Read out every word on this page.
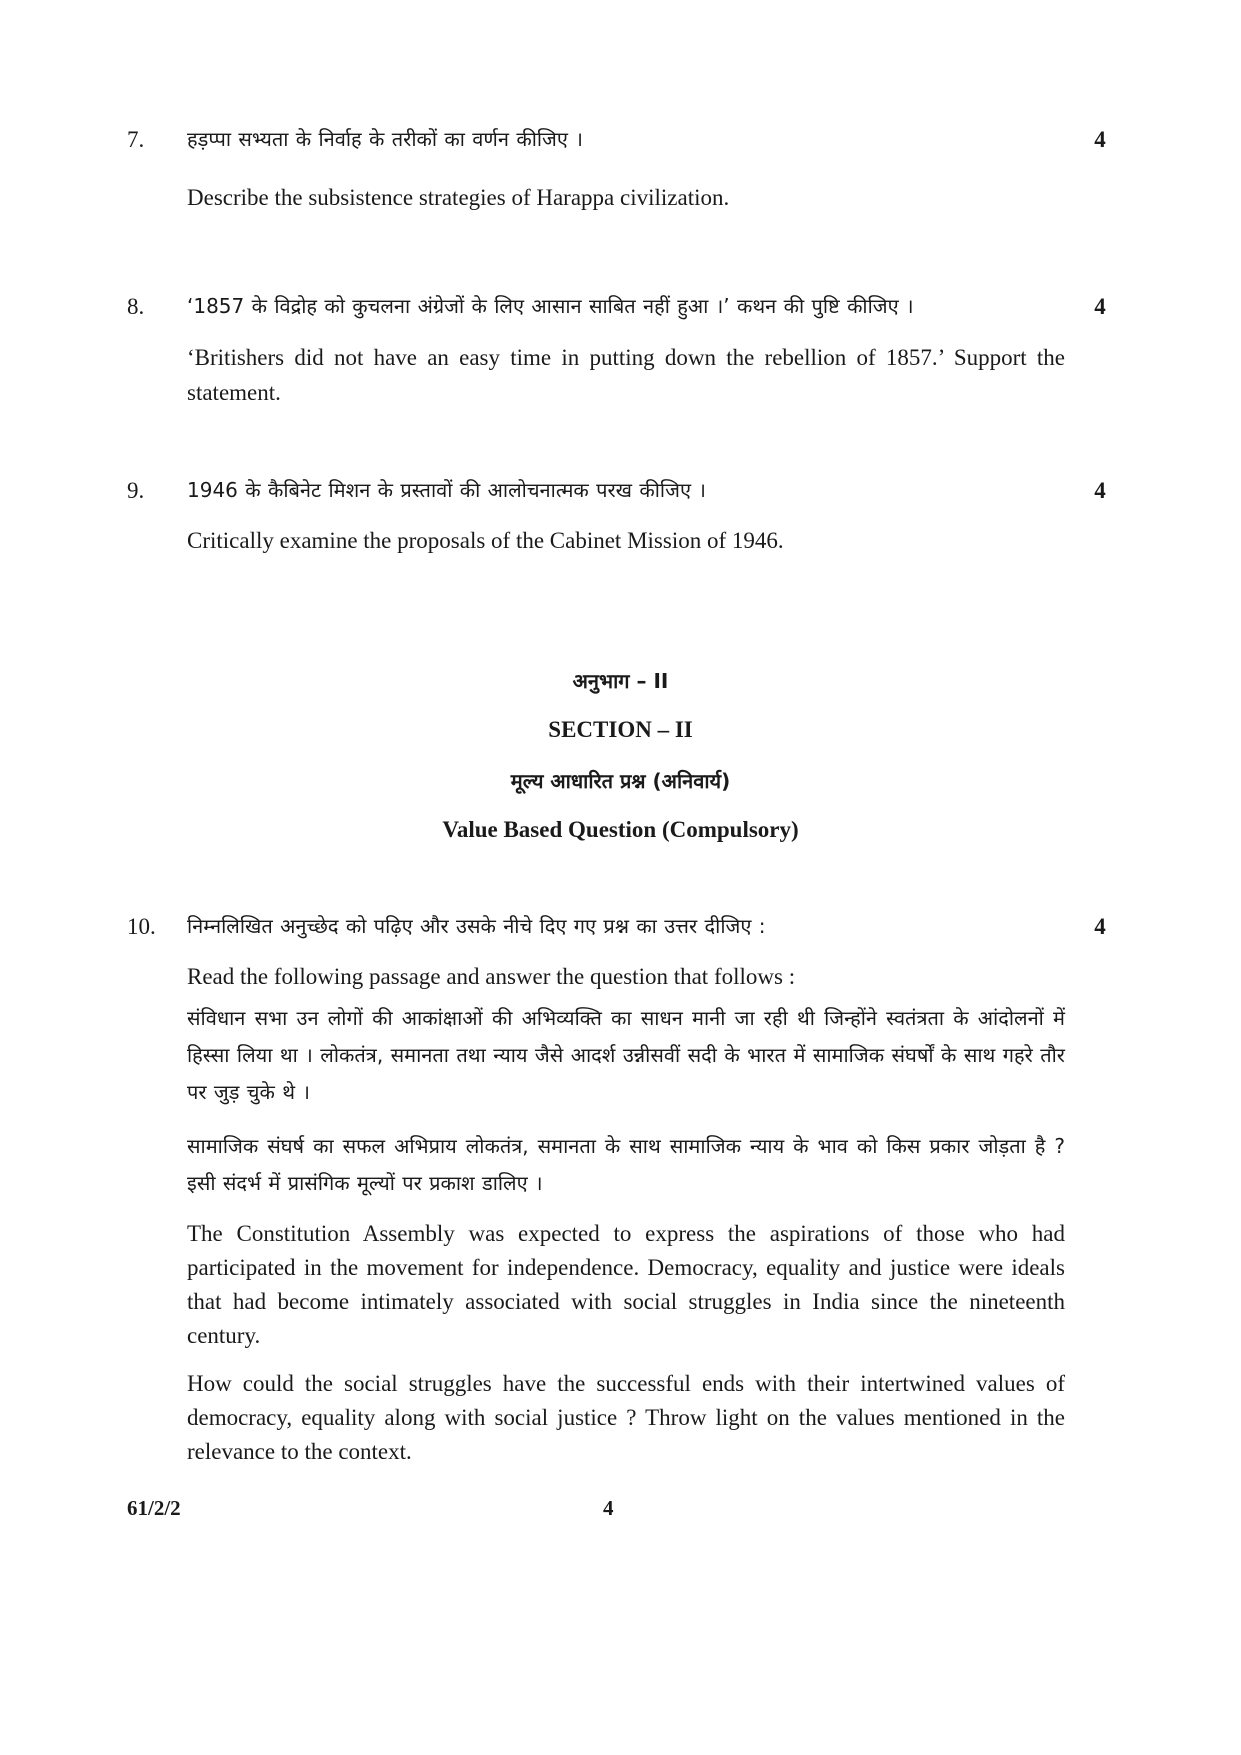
7.	4
हड़प्पा सभ्यता के निर्वाह के तरीकों का वर्णन कीजिए ।
Describe the subsistence strategies of Harappa civilization.
8.	4
‘1857 के विद्रोह को कुचलना अंग्रेजों के लिए आसान साबित नहीं हुआ ।’ कथन की पुष्टि कीजिए ।
‘Britishers did not have an easy time in putting down the rebellion of 1857.’ Support the statement.
9.	4
1946 के कैबिनेट मिशन के प्रस्तावों की आलोचनात्मक परख कीजिए ।
Critically examine the proposals of the Cabinet Mission of 1946.
अनुभाग – II
SECTION – II
मूल्य आधारित प्रश्न (अनिवार्य)
Value Based Question (Compulsory)
10.	4
निम्नलिखित अनुच्छेद को पढ़िए और उसके नीचे दिए गए प्रश्न का उत्तर दीजिए :
Read the following passage and answer the question that follows :
संविधान सभा उन लोगों की आकांक्षाओं की अभिव्यक्ति का साधन मानी जा रही थी जिन्होंने स्वतंत्रता के आंदोलनों में हिस्सा लिया था । लोकतंत्र, समानता तथा न्याय जैसे आदर्श उन्नीसवीं सदी के भारत में सामाजिक संघर्षों के साथ गहरे तौर पर जुड़ चुके थे ।
सामाजिक संघर्ष का सफल अभिप्राय लोकतंत्र, समानता के साथ सामाजिक न्याय के भाव को किस प्रकार जोड़ता है ? इसी संदर्भ में प्रासंगिक मूल्यों पर प्रकाश डालिए ।
The Constitution Assembly was expected to express the aspirations of those who had participated in the movement for independence. Democracy, equality and justice were ideals that had become intimately associated with social struggles in India since the nineteenth century.
How could the social struggles have the successful ends with their intertwined values of democracy, equality along with social justice ? Throw light on the values mentioned in the relevance to the context.
61/2/2	4
